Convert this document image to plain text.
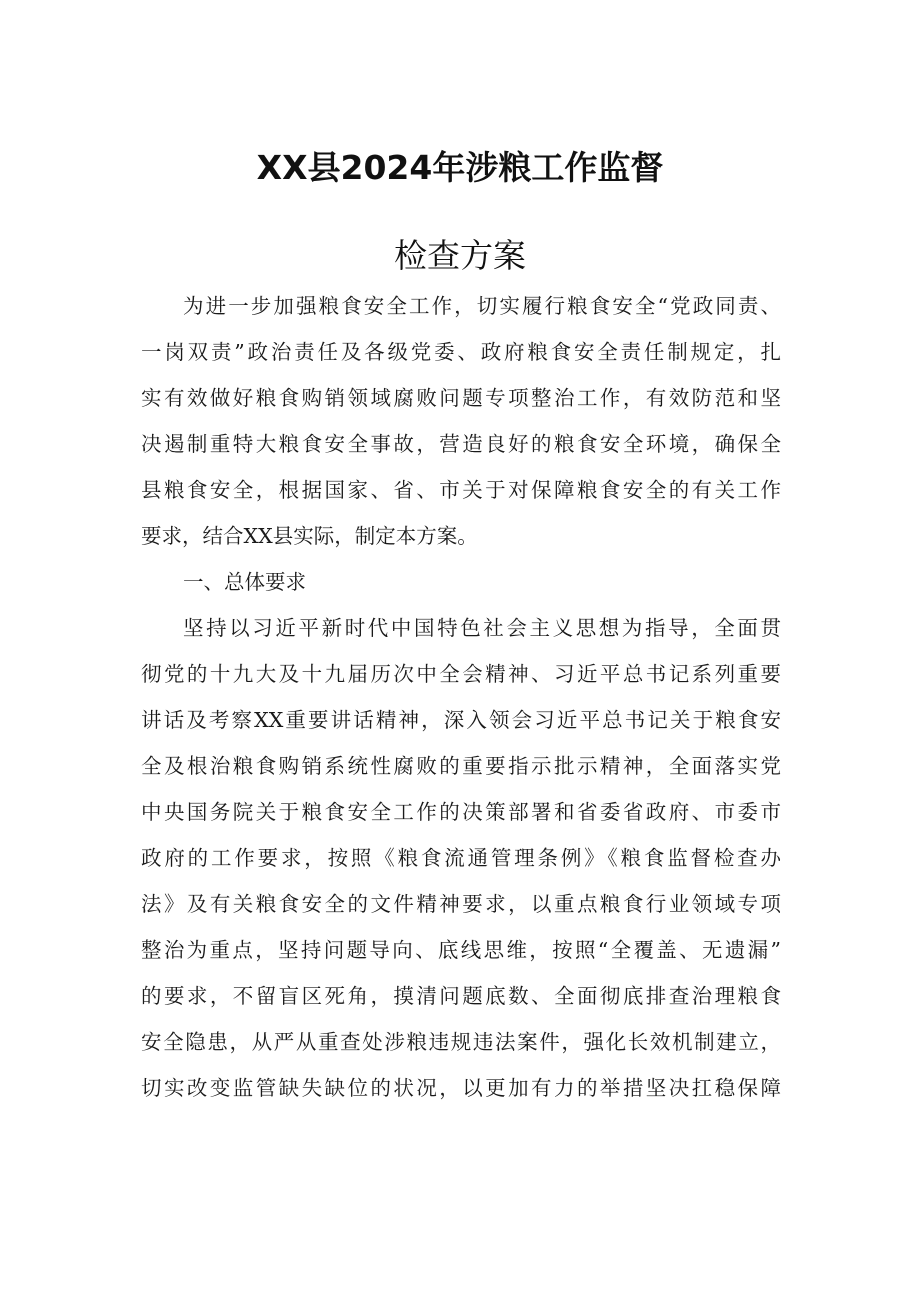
XX县2024年涉粮工作监督
检查方案
为进一步加强粮食安全工作，切实履行粮食安全“党政同责、
一岗双责”政治责任及各级党委、政府粮食安全责任制规定，扎
实有效做好粮食购销领域腐败问题专项整治工作，有效防范和坚
决遏制重特大粮食安全事故，营造良好的粮食安全环境，确保全
县粮食安全，根据国家、省、市关于对保障粮食安全的有关工作
要求，结合XX县实际，制定本方案。
一、总体要求
坚持以习近平新时代中国特色社会主义思想为指导，全面贯
彻党的十九大及十九届历次中全会精神、习近平总书记系列重要
讲话及考察XX重要讲话精神，深入领会习近平总书记关于粮食安
全及根治粮食购销系统性腐败的重要指示批示精神，全面落实党
中央国务院关于粮食安全工作的决策部署和省委省政府、市委市
政府的工作要求，按照《粮食流通管理条例》《粮食监督检查办
法》及有关粮食安全的文件精神要求，以重点粮食行业领域专项
整治为重点，坚持问题导向、底线思维，按照“全覆盖、无遗漏”
的要求，不留盲区死角，摸清问题底数、全面彻底排查治理粮食
安全隐患，从严从重查处涉粮违规违法案件，强化长效机制建立，
切实改变监管缺失缺位的状况，以更加有力的举措坚决扛稳保障
